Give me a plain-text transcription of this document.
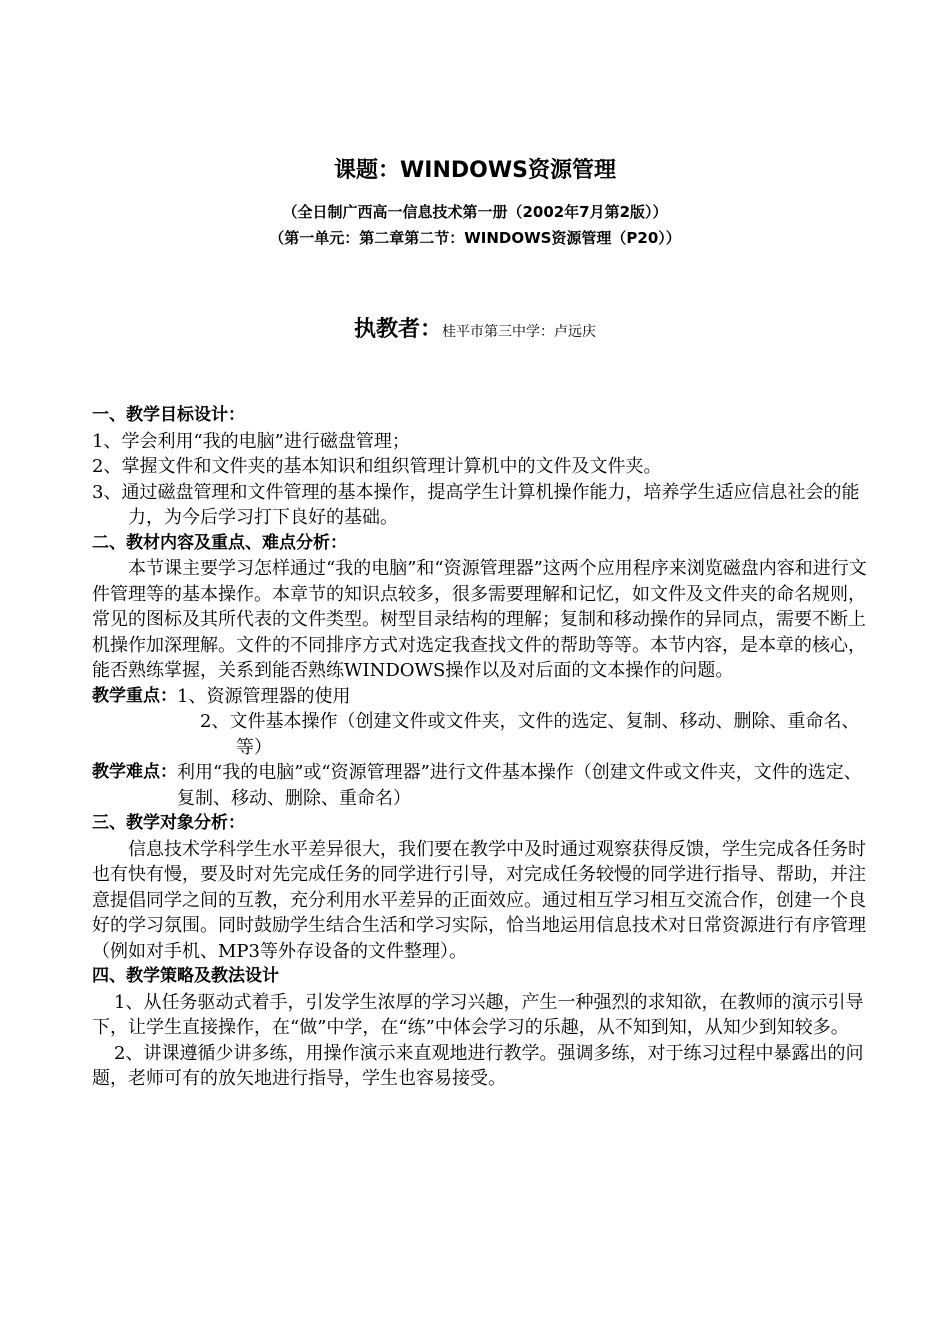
课题：WINDOWS资源管理
（全日制广西高一信息技术第一册（2002年7月第2版））
（第一单元：第二章第二节：WINDOWS资源管理（P20））
执教者：桂平市第三中学：卢远庆

一、教学目标设计：

1、学会利用“我的电脑”进行磁盘管理；

2、掌握文件和文件夹的基本知识和组织管理计算机中的文件及文件夹。

3、通过磁盘管理和文件管理的基本操作，提高学生计算机操作能力，培养学生适应信息社会的能力，为今后学习打下良好的基础。

二、教材内容及重点、难点分析：

本节课主要学习怎样通过“我的电脑”和“资源管理器”这两个应用程序来浏览磁盘内容和进行文件管理等的基本操作。本章节的知识点较多，很多需要理解和记忆，如文件及文件夹的命名规则，常见的图标及其所代表的文件类型。树型目录结构的理解；复制和移动操作的异同点，需要不断上机操作加深理解。文件的不同排序方式对选定我查找文件的帮助等等。本节内容，是本章的核心，能否熟练掌握，关系到能否熟练WINDOWS操作以及对后面的文本操作的问题。

教学重点： 1、资源管理器的使用
2、文件基本操作（创建文件或文件夹，文件的选定、复制、移动、删除、重命名、等）
教学难点： 利用“我的电脑”或“资源管理器”进行文件基本操作（创建文件或文件夹，文件的选定、复制、移动、删除、重命名）

三、教学对象分析：

信息技术学科学生水平差异很大，我们要在教学中及时通过观察获得反馈，学生完成各任务时也有快有慢，要及时对先完成任务的同学进行引导，对完成任务较慢的同学进行指导、帮助，并注意提倡同学之间的互教，充分利用水平差异的正面效应。通过相互学习相互交流合作，创建一个良好的学习氛围。同时鼓励学生结合生活和学习实际，恰当地运用信息技术对日常资源进行有序管理（例如对手机、MP3等外存设备的文件整理）。

四、教学策略及教法设计

1、从任务驱动式着手，引发学生浓厚的学习兴趣，产生一种强烈的求知欲，在教师的演示引导下，让学生直接操作，在“做”中学，在“练”中体会学习的乐趣，从不知到知，从知少到知较多。

2、讲课遵循少讲多练，用操作演示来直观地进行教学。强调多练，对于练习过程中暴露出的问题，老师可有的放矢地进行指导，学生也容易接受。
